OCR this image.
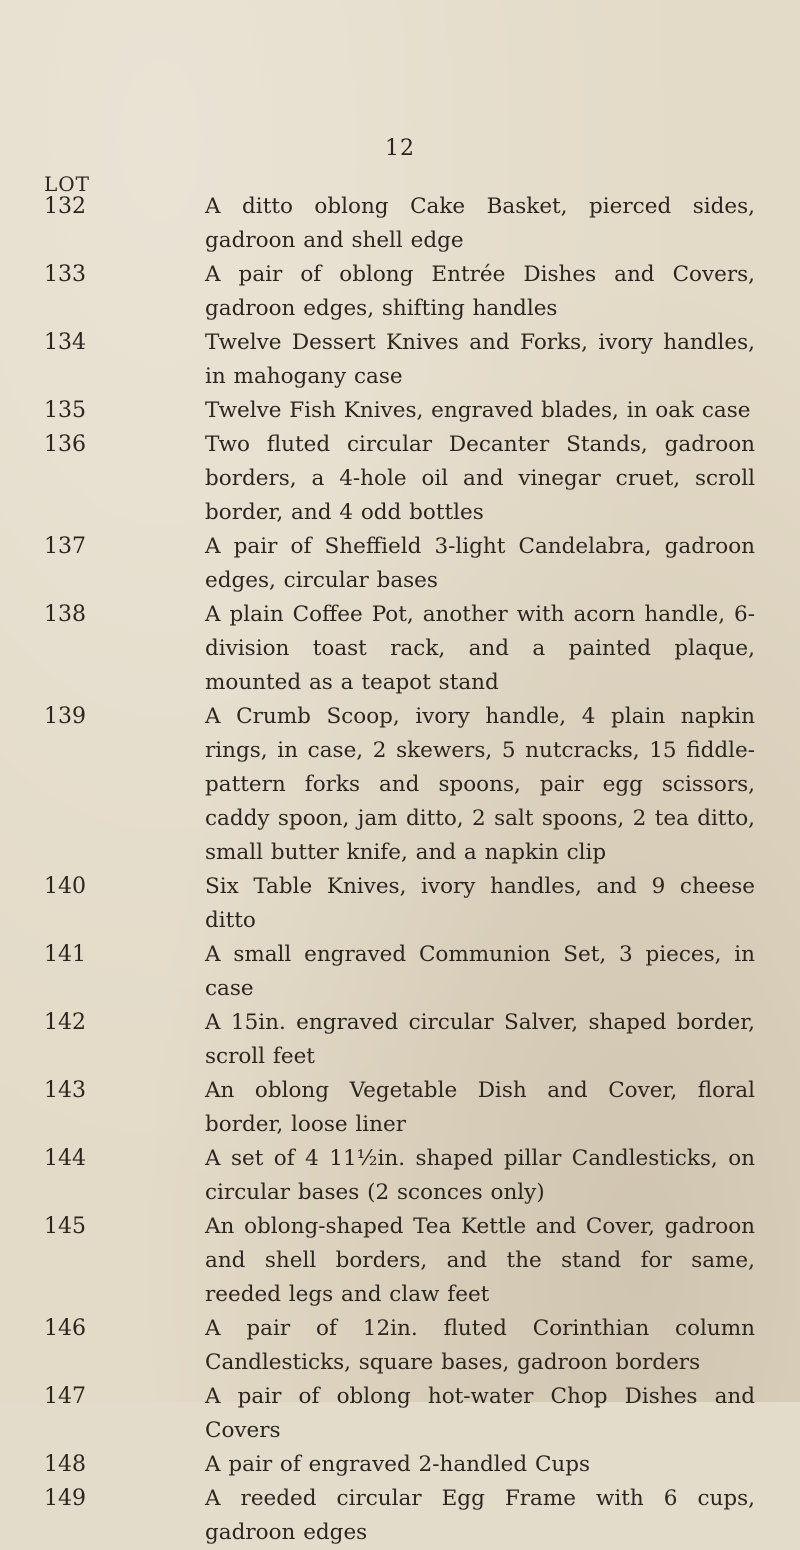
12
LOT
132	A ditto oblong Cake Basket, pierced sides, gadroon and shell edge
133	A pair of oblong Entrée Dishes and Covers, gadroon edges, shifting handles
134	Twelve Dessert Knives and Forks, ivory handles, in mahogany case
135	Twelve Fish Knives, engraved blades, in oak case
136	Two fluted circular Decanter Stands, gadroon borders, a 4-hole oil and vinegar cruet, scroll border, and 4 odd bottles
137	A pair of Sheffield 3-light Candelabra, gadroon edges, circular bases
138	A plain Coffee Pot, another with acorn handle, 6-division toast rack, and a painted plaque, mounted as a teapot stand
139	A Crumb Scoop, ivory handle, 4 plain napkin rings, in case, 2 skewers, 5 nutcracks, 15 fiddle-pattern forks and spoons, pair egg scissors, caddy spoon, jam ditto, 2 salt spoons, 2 tea ditto, small butter knife, and a napkin clip
140	Six Table Knives, ivory handles, and 9 cheese ditto
141	A small engraved Communion Set, 3 pieces, in case
142	A 15in. engraved circular Salver, shaped border, scroll feet
143	An oblong Vegetable Dish and Cover, floral border, loose liner
144	A set of 4 11½in. shaped pillar Candlesticks, on circular bases (2 sconces only)
145	An oblong-shaped Tea Kettle and Cover, gadroon and shell borders, and the stand for same, reeded legs and claw feet
146	A pair of 12in. fluted Corinthian column Candlesticks, square bases, gadroon borders
147	A pair of oblong hot-water Chop Dishes and Covers
148	A pair of engraved 2-handled Cups
149	A reeded circular Egg Frame with 6 cups, gadroon edges
